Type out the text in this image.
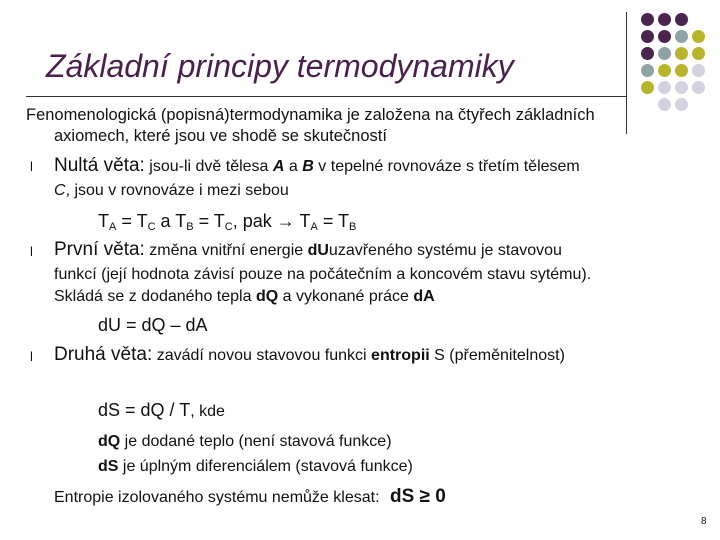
Základní principy termodynamiky
Fenomenologická (popisná)termodynamika je založena na čtyřech základních
axiomech, které jsou ve shodě se skutečností
l Nultá věta: jsou-li dvě tělesa A a B v tepelné rovnováze s třetím tělesem
C, jsou v rovnováze i mezi sebou
$T_A = T_C$ a $T_B = T_C$, pak → $T_A = T_B$
l První věta: změna vnitřní energie dUuzavřeného systému je stavovou
funkcí (její hodnota závisí pouze na počátečním a koncovém stavu sytému).
Skládá se z dodaného tepla dQ a vykonané práce dA
dU = dQ – dA
l Druhá věta: zavádí novou stavovou funkci entropii S (přeměnitelnost)
dS = dQ / T, kde
dQ je dodané teplo (není stavová funkce)
dS je úplným diferenciálem (stavová funkce)
Entropie izolovaného systému nemůže klesat: dS ≥ 0
8
